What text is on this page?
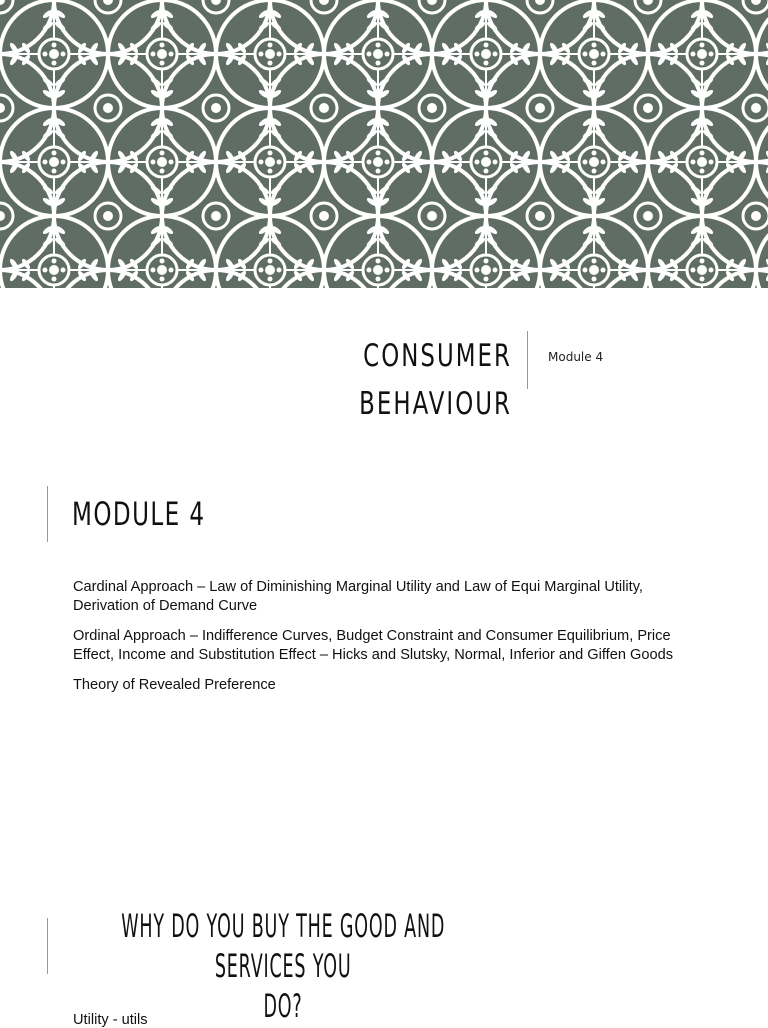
CONSUMER BEHAVIOUR
Module 4
MODULE 4

Cardinal Approach – Law of Diminishing Marginal Utility and Law of Equi Marginal Utility, Derivation of Demand Curve

Ordinal Approach – Indifference Curves, Budget Constraint and Consumer Equilibrium, Price Effect, Income and Substitution Effect – Hicks and Slutsky, Normal, Inferior and Giffen Goods

Theory of Revealed Preference

WHY DO YOU BUY THE GOOD AND SERVICES YOU
DO?
Utility - utils
